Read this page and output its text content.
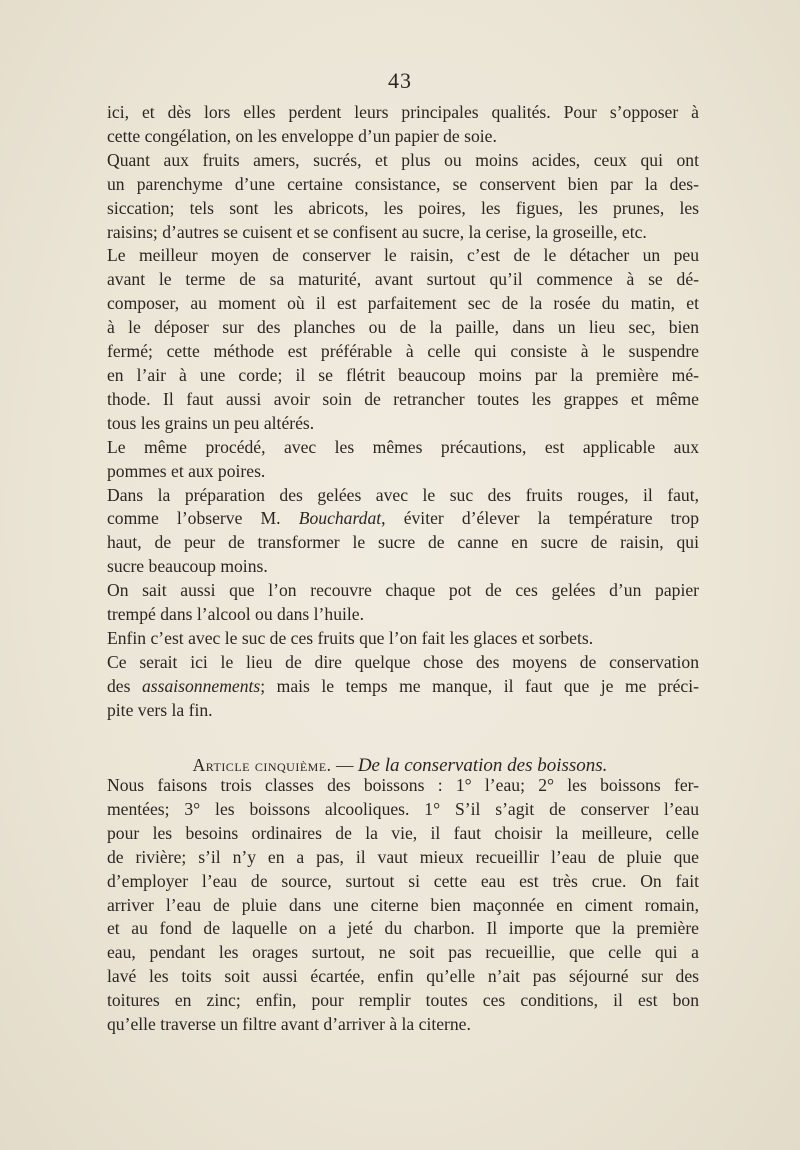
43
ici, et dès lors elles perdent leurs principales qualités. Pour s’opposer à
cette congélation, on les enveloppe d’un papier de soie.
Quant aux fruits amers, sucrés, et plus ou moins acides, ceux qui ont
un parenchyme d’une certaine consistance, se conservent bien par la des-
siccation; tels sont les abricots, les poires, les figues, les prunes, les
raisins; d’autres se cuisent et se confisent au sucre, la cerise, la groseille, etc.
Le meilleur moyen de conserver le raisin, c’est de le détacher un peu
avant le terme de sa maturité, avant surtout qu’il commence à se dé-
composer, au moment où il est parfaitement sec de la rosée du matin, et
à le déposer sur des planches ou de la paille, dans un lieu sec, bien
fermé; cette méthode est préférable à celle qui consiste à le suspendre
en l’air à une corde; il se flétrit beaucoup moins par la première mé-
thode. Il faut aussi avoir soin de retrancher toutes les grappes et même
tous les grains un peu altérés.
Le même procédé, avec les mêmes précautions, est applicable aux
pommes et aux poires.
Dans la préparation des gelées avec le suc des fruits rouges, il faut,
comme l’observe M. Bouchardat, éviter d’élever la température trop
haut, de peur de transformer le sucre de canne en sucre de raisin, qui
sucre beaucoup moins.
On sait aussi que l’on recouvre chaque pot de ces gelées d’un papier
trempé dans l’alcool ou dans l’huile.
Enfin c’est avec le suc de ces fruits que l’on fait les glaces et sorbets.
Ce serait ici le lieu de dire quelque chose des moyens de conservation
des assaisonnements; mais le temps me manque, il faut que je me préci-
pite vers la fin.
Article cinquième. — De la conservation des boissons.
Nous faisons trois classes des boissons : 1° l’eau; 2° les boissons fer-
mentées; 3° les boissons alcooliques. 1° S’il s’agit de conserver l’eau
pour les besoins ordinaires de la vie, il faut choisir la meilleure, celle
de rivière; s’il n’y en a pas, il vaut mieux recueillir l’eau de pluie que
d’employer l’eau de source, surtout si cette eau est très crue. On fait
arriver l’eau de pluie dans une citerne bien maçonnée en ciment romain,
et au fond de laquelle on a jeté du charbon. Il importe que la première
eau, pendant les orages surtout, ne soit pas recueillie, que celle qui a
lavé les toits soit aussi écartée, enfin qu’elle n’ait pas séjourné sur des
toitures en zinc; enfin, pour remplir toutes ces conditions, il est bon
qu’elle traverse un filtre avant d’arriver à la citerne.
